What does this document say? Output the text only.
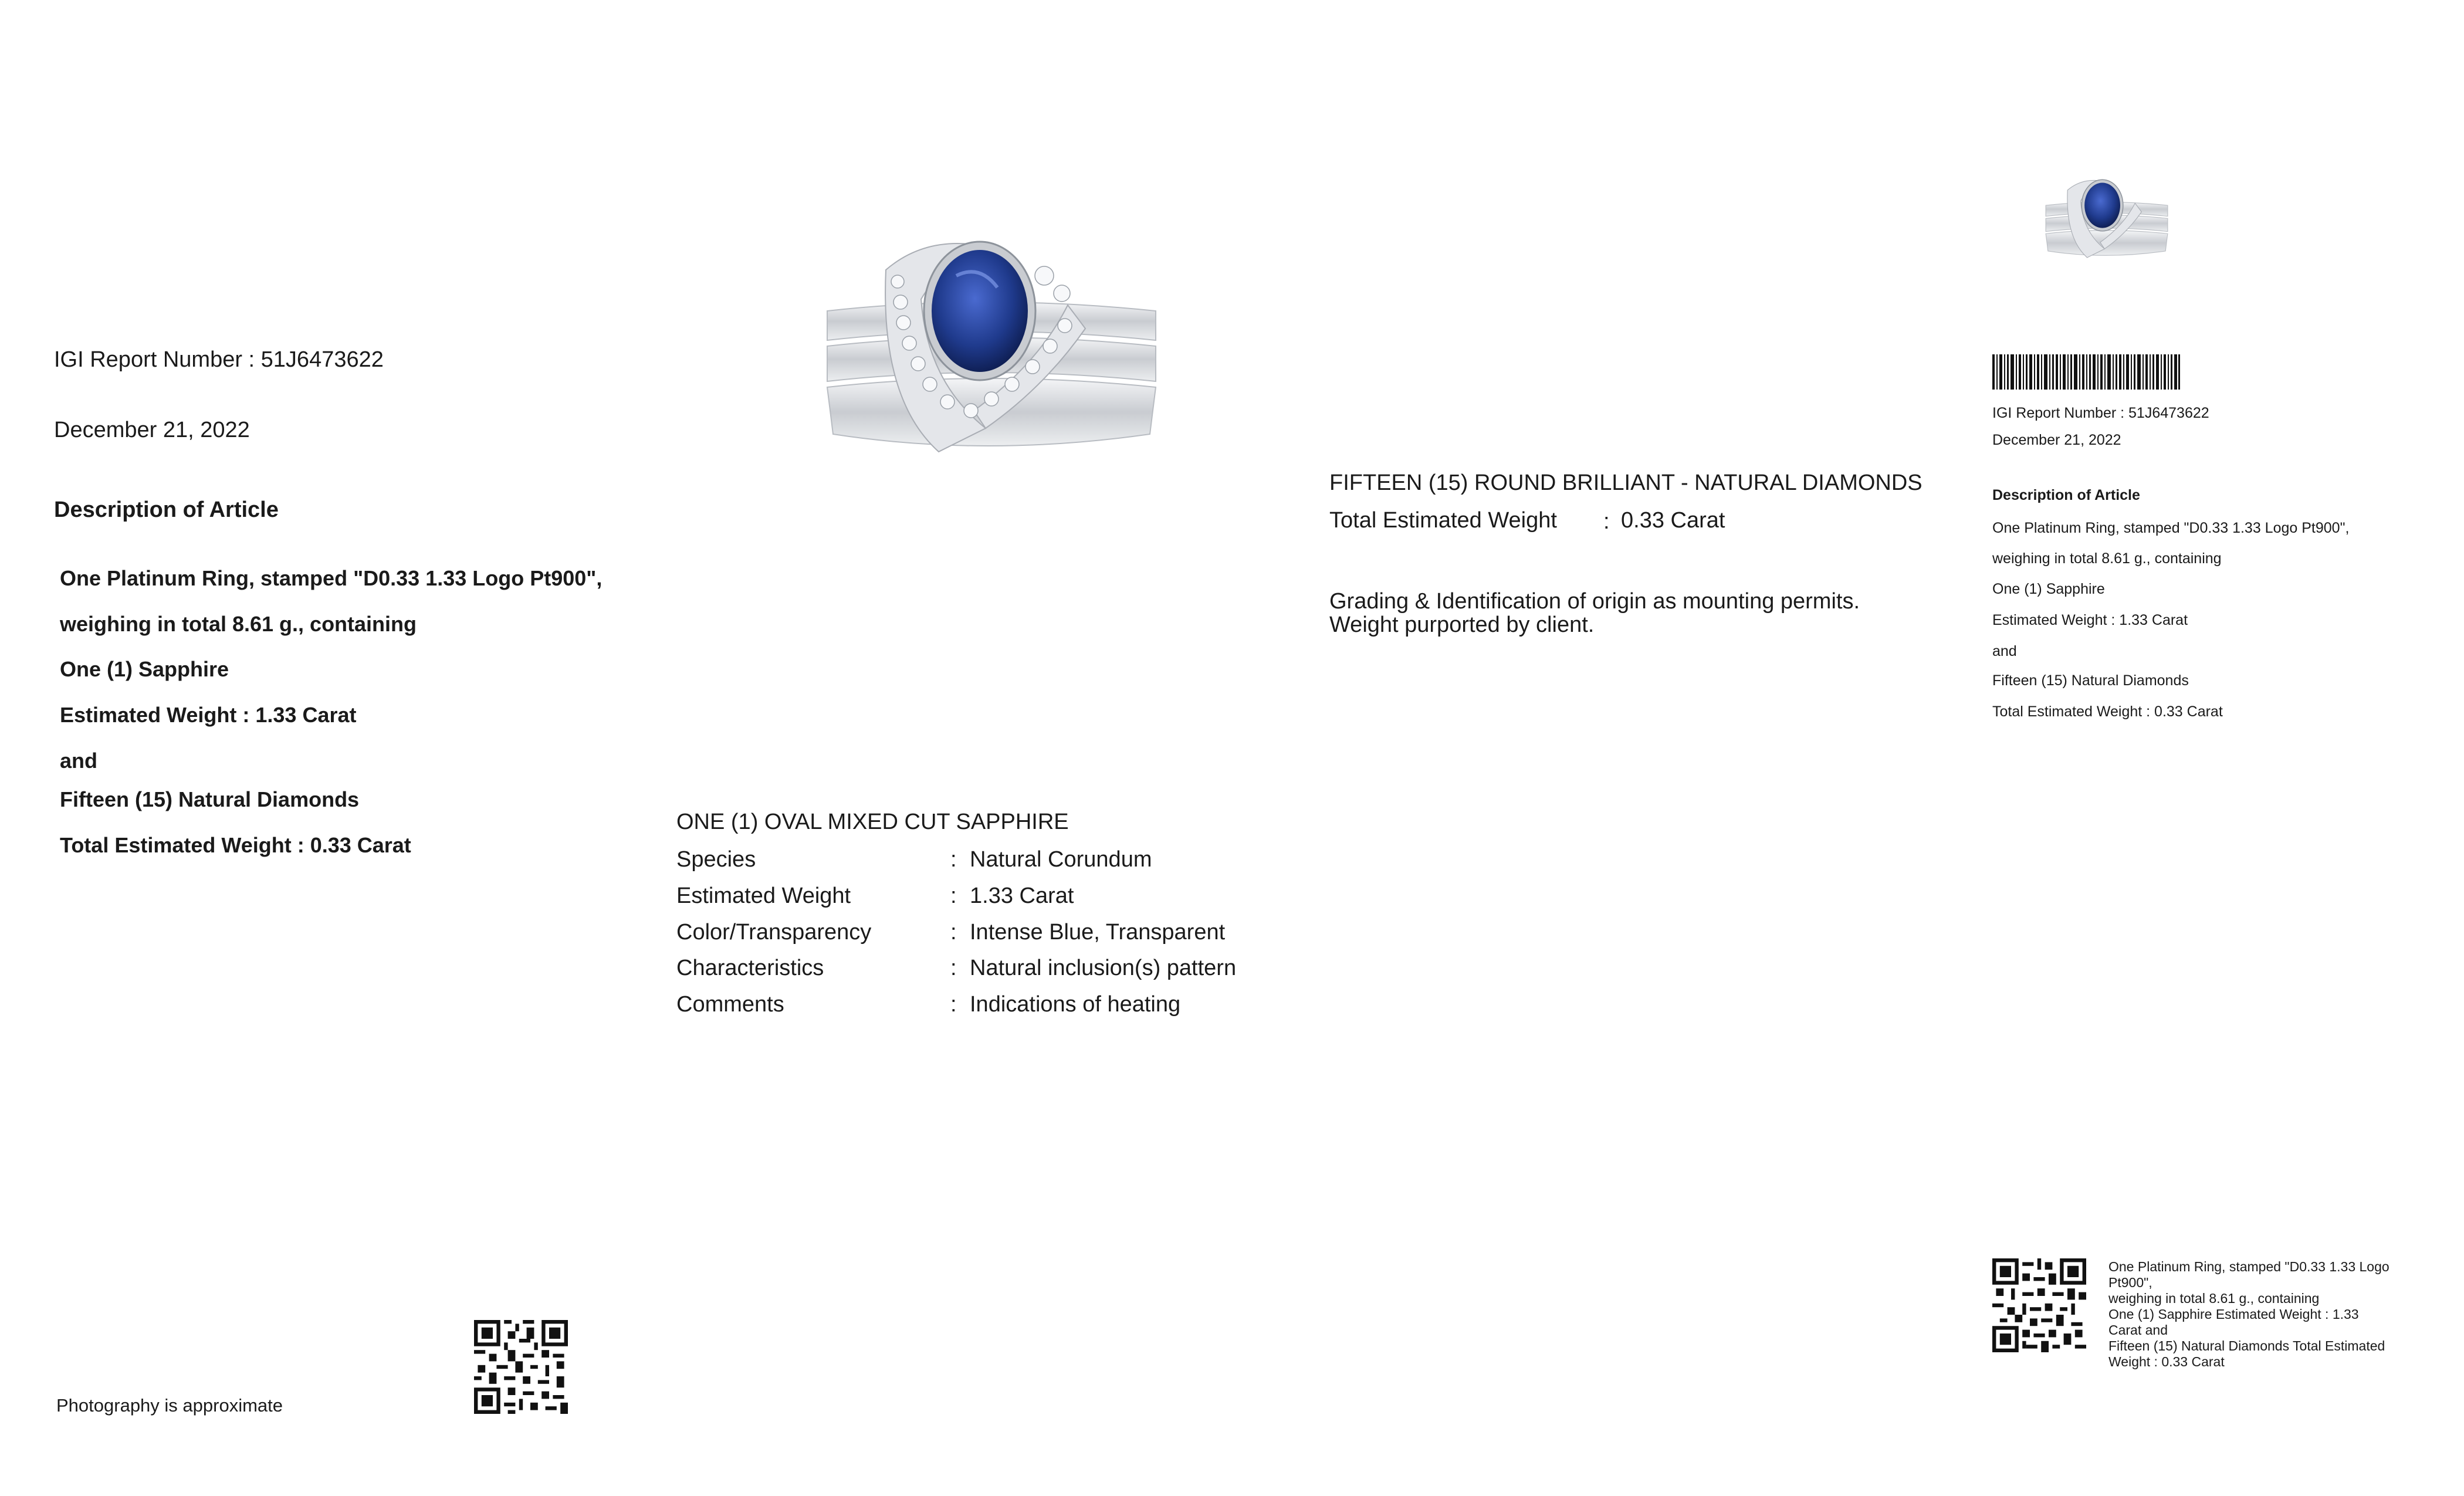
IGI Report Number : 51J6473622
December 21, 2022
Description of Article
One Platinum Ring, stamped "D0.33 1.33 Logo Pt900",
weighing in total 8.61 g., containing
One (1) Sapphire
Estimated Weight : 1.33 Carat
and
Fifteen (15) Natural Diamonds
Total Estimated Weight : 0.33 Carat
Photography is approximate
ONE (1) OVAL MIXED CUT SAPPHIRE
Species	: Natural Corundum
Estimated Weight	: 1.33 Carat
Color/Transparency	: Intense Blue, Transparent
Characteristics	: Natural inclusion(s) pattern
Comments	: Indications of heating
FIFTEEN (15) ROUND BRILLIANT - NATURAL DIAMONDS
Total Estimated Weight : 0.33 Carat
Grading & Identification of origin as mounting permits.
Weight purported by client.
IGI Report Number : 51J6473622
December 21, 2022
Description of Article
One Platinum Ring, stamped "D0.33 1.33 Logo Pt900",
weighing in total 8.61 g., containing
One (1) Sapphire
Estimated Weight : 1.33 Carat
and
Fifteen (15) Natural Diamonds
Total Estimated Weight : 0.33 Carat
One Platinum Ring, stamped "D0.33 1.33 Logo
Pt900",
weighing in total 8.61 g., containing
One (1) Sapphire Estimated Weight : 1.33
Carat and
Fifteen (15) Natural Diamonds Total Estimated
Weight : 0.33 Carat
